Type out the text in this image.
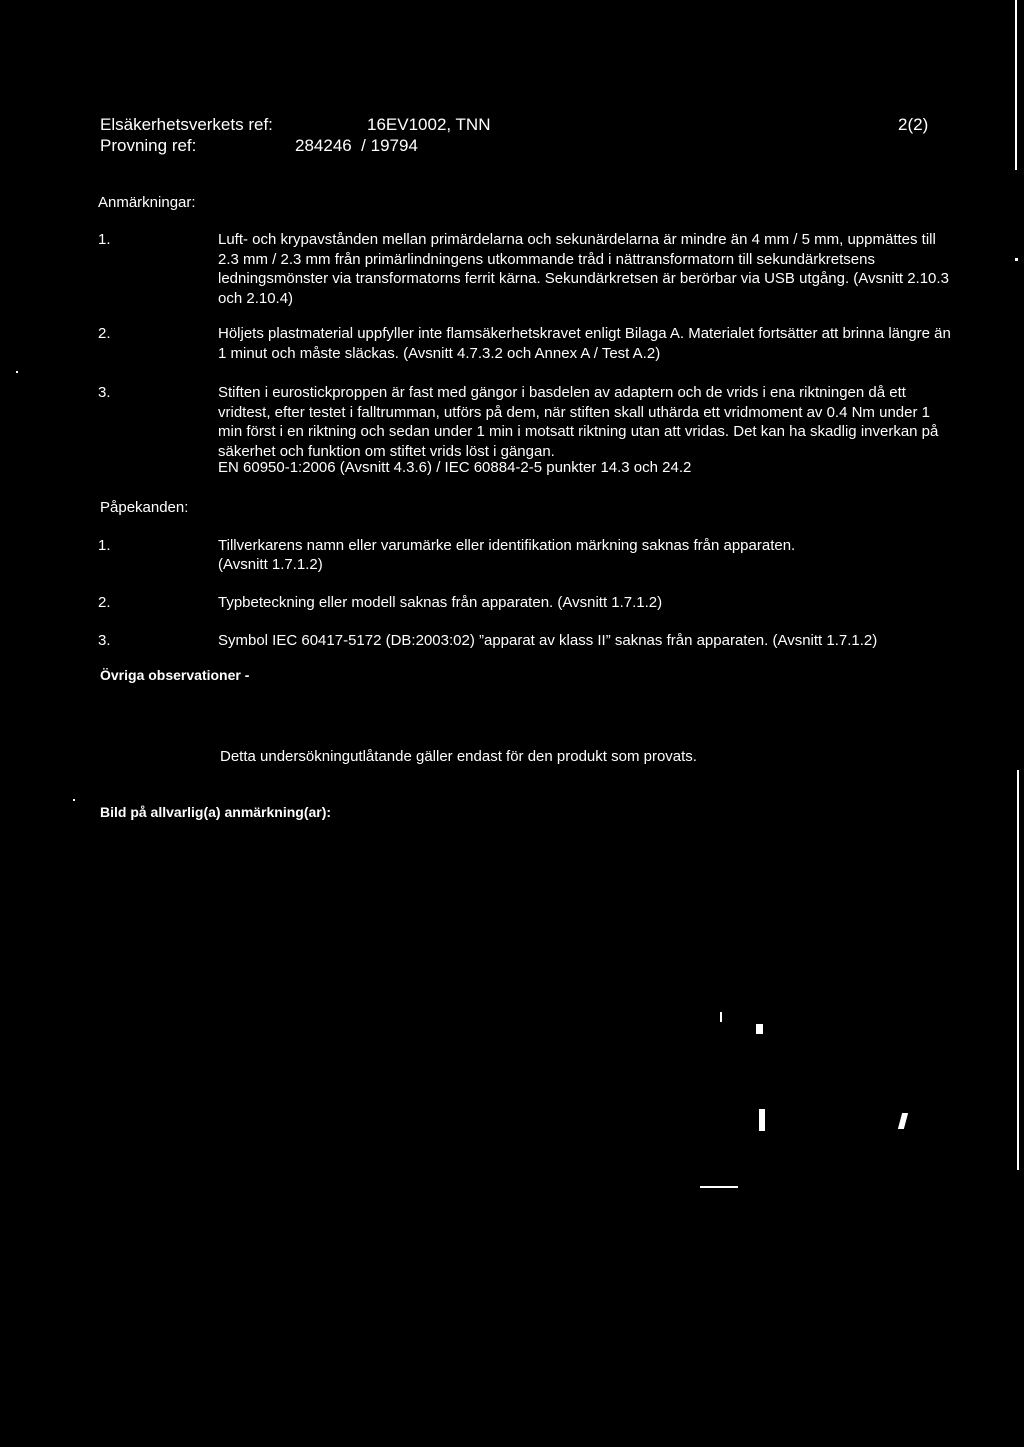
Elsäkerhetsverkets ref:	16EV1002, TNN	2(2)
Provning ref:	284246  / 19794
Anmärkningar:
1.	Luft- och krypavstånden mellan primärdelarna och sekunärdelarna är mindre än 4 mm / 5 mm, uppmättes till 2.3 mm / 2.3 mm från primärlindningens utkommande tråd i nättransformatorn till sekundärkretsens ledningsmönster via transformatorns ferrit kärna. Sekundärkretsen är berörbar via USB utgång. (Avsnitt 2.10.3 och 2.10.4)
2.	Höljets plastmaterial uppfyller inte flamsäkerhetskravet enligt Bilaga A. Materialet fortsätter att brinna längre än 1 minut och måste släckas. (Avsnitt 4.7.3.2 och Annex A / Test A.2)
3.	Stiften i eurostickproppen är fast med gängor i basdelen av adaptern och de vrids i ena riktningen då ett vridtest, efter testet i falltrumman, utförs på dem, när stiften skall uthärda ett vridmoment av 0.4 Nm under 1 min först i en riktning och sedan under 1 min i motsatt riktning utan att vridas. Det kan ha skadlig inverkan på säkerhet och funktion om stiftet vrids löst i gängan.
EN 60950-1:2006 (Avsnitt 4.3.6) / IEC 60884-2-5 punkter 14.3 och 24.2
Påpekanden:
1.	Tillverkarens namn eller varumärke eller identifikation märkning saknas från apparaten.
(Avsnitt 1.7.1.2)
2.	Typbeteckning eller modell saknas från apparaten. (Avsnitt 1.7.1.2)
3.	Symbol IEC 60417-5172 (DB:2003:02) ”apparat av klass II” saknas från apparaten. (Avsnitt 1.7.1.2)
Övriga observationer -
Detta undersökningutlåtande gäller endast för den produkt som provats.
Bild på allvarlig(a) anmärkning(ar):
